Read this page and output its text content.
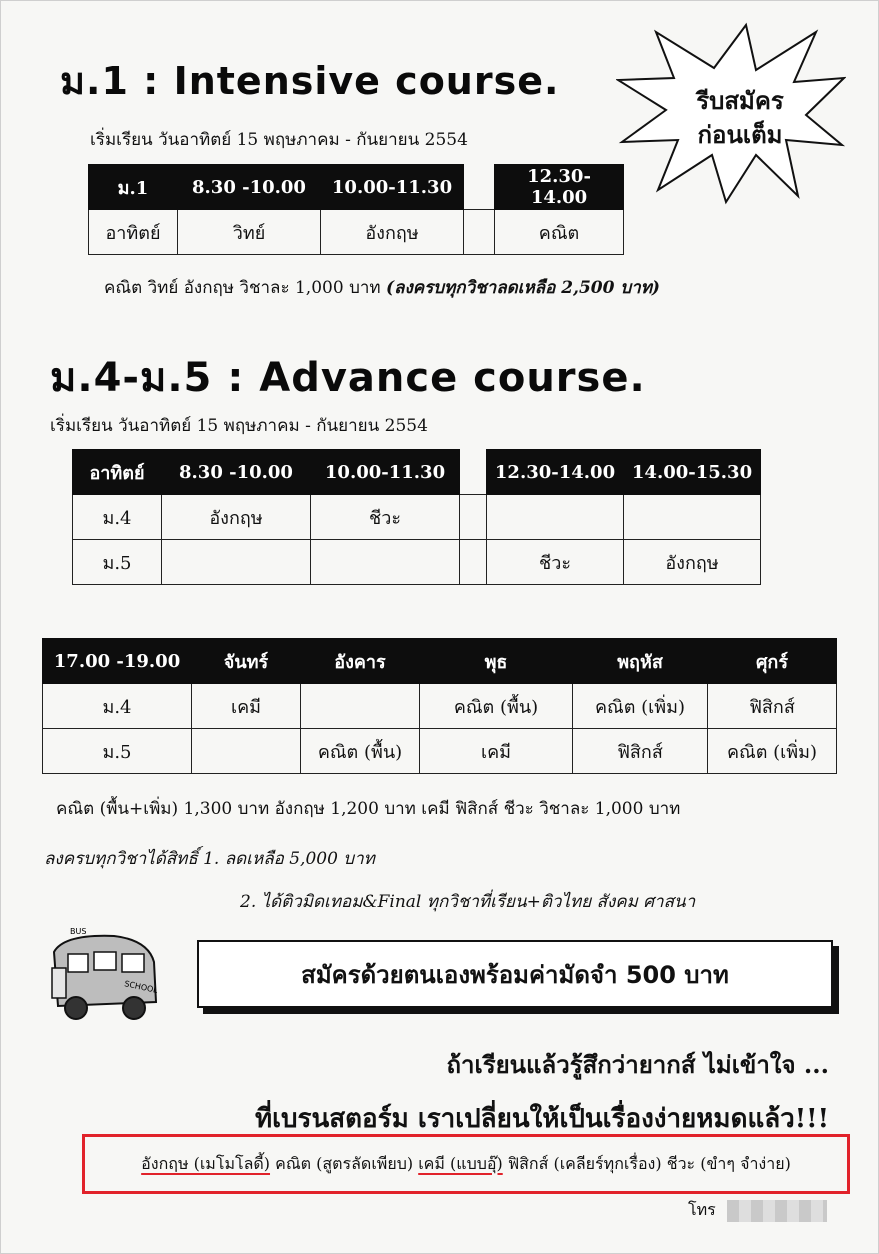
ม.1 : Intensive course.
เริ่มเรียน วันอาทิตย์ 15 พฤษภาคม - กันยายน 2554
รีบสมัคร
ก่อนเต็ม
ม.1	8.30 -10.00	10.00-11.30		12.30-14.00
อาทิตย์	วิทย์	อังกฤษ		คณิต
คณิต วิทย์ อังกฤษ วิชาละ 1,000 บาท (ลงครบทุกวิชาลดเหลือ 2,500 บาท)
ม.4-ม.5 : Advance course.
เริ่มเรียน วันอาทิตย์ 15 พฤษภาคม - กันยายน 2554
อาทิตย์	8.30 -10.00	10.00-11.30		12.30-14.00	14.00-15.30
ม.4	อังกฤษ	ชีวะ			
ม.5				ชีวะ	อังกฤษ
17.00 -19.00	จันทร์	อังคาร	พุธ	พฤหัส	ศุกร์
ม.4	เคมี		คณิต (พื้น)	คณิต (เพิ่ม)	ฟิสิกส์
ม.5		คณิต (พื้น)	เคมี	ฟิสิกส์	คณิต (เพิ่ม)
คณิต (พื้น+เพิ่ม) 1,300 บาท อังกฤษ 1,200 บาท เคมี ฟิสิกส์ ชีวะ วิชาละ 1,000 บาท
ลงครบทุกวิชาได้สิทธิ์ 1. ลดเหลือ 5,000 บาท
2. ได้ติวมิดเทอม&Final ทุกวิชาที่เรียน+ติวไทย สังคม ศาสนา
BUS
SCHOOL	สมัครด้วยตนเองพร้อมค่ามัดจำ 500 บาท
ถ้าเรียนแล้วรู้สึกว่ายากส์ ไม่เข้าใจ ...
ที่เบรนสตอร์ม เราเปลี่ยนให้เป็นเรื่องง่ายหมดแล้ว!!!
อังกฤษ (เมโมโลดี้)
คณิต (สูตรลัดเพียบ)
เคมี (แบบอุ๊)
ฟิสิกส์ (เคลียร์ทุกเรื่อง)
ชีวะ (ขำๆ จำง่าย)
โทร
